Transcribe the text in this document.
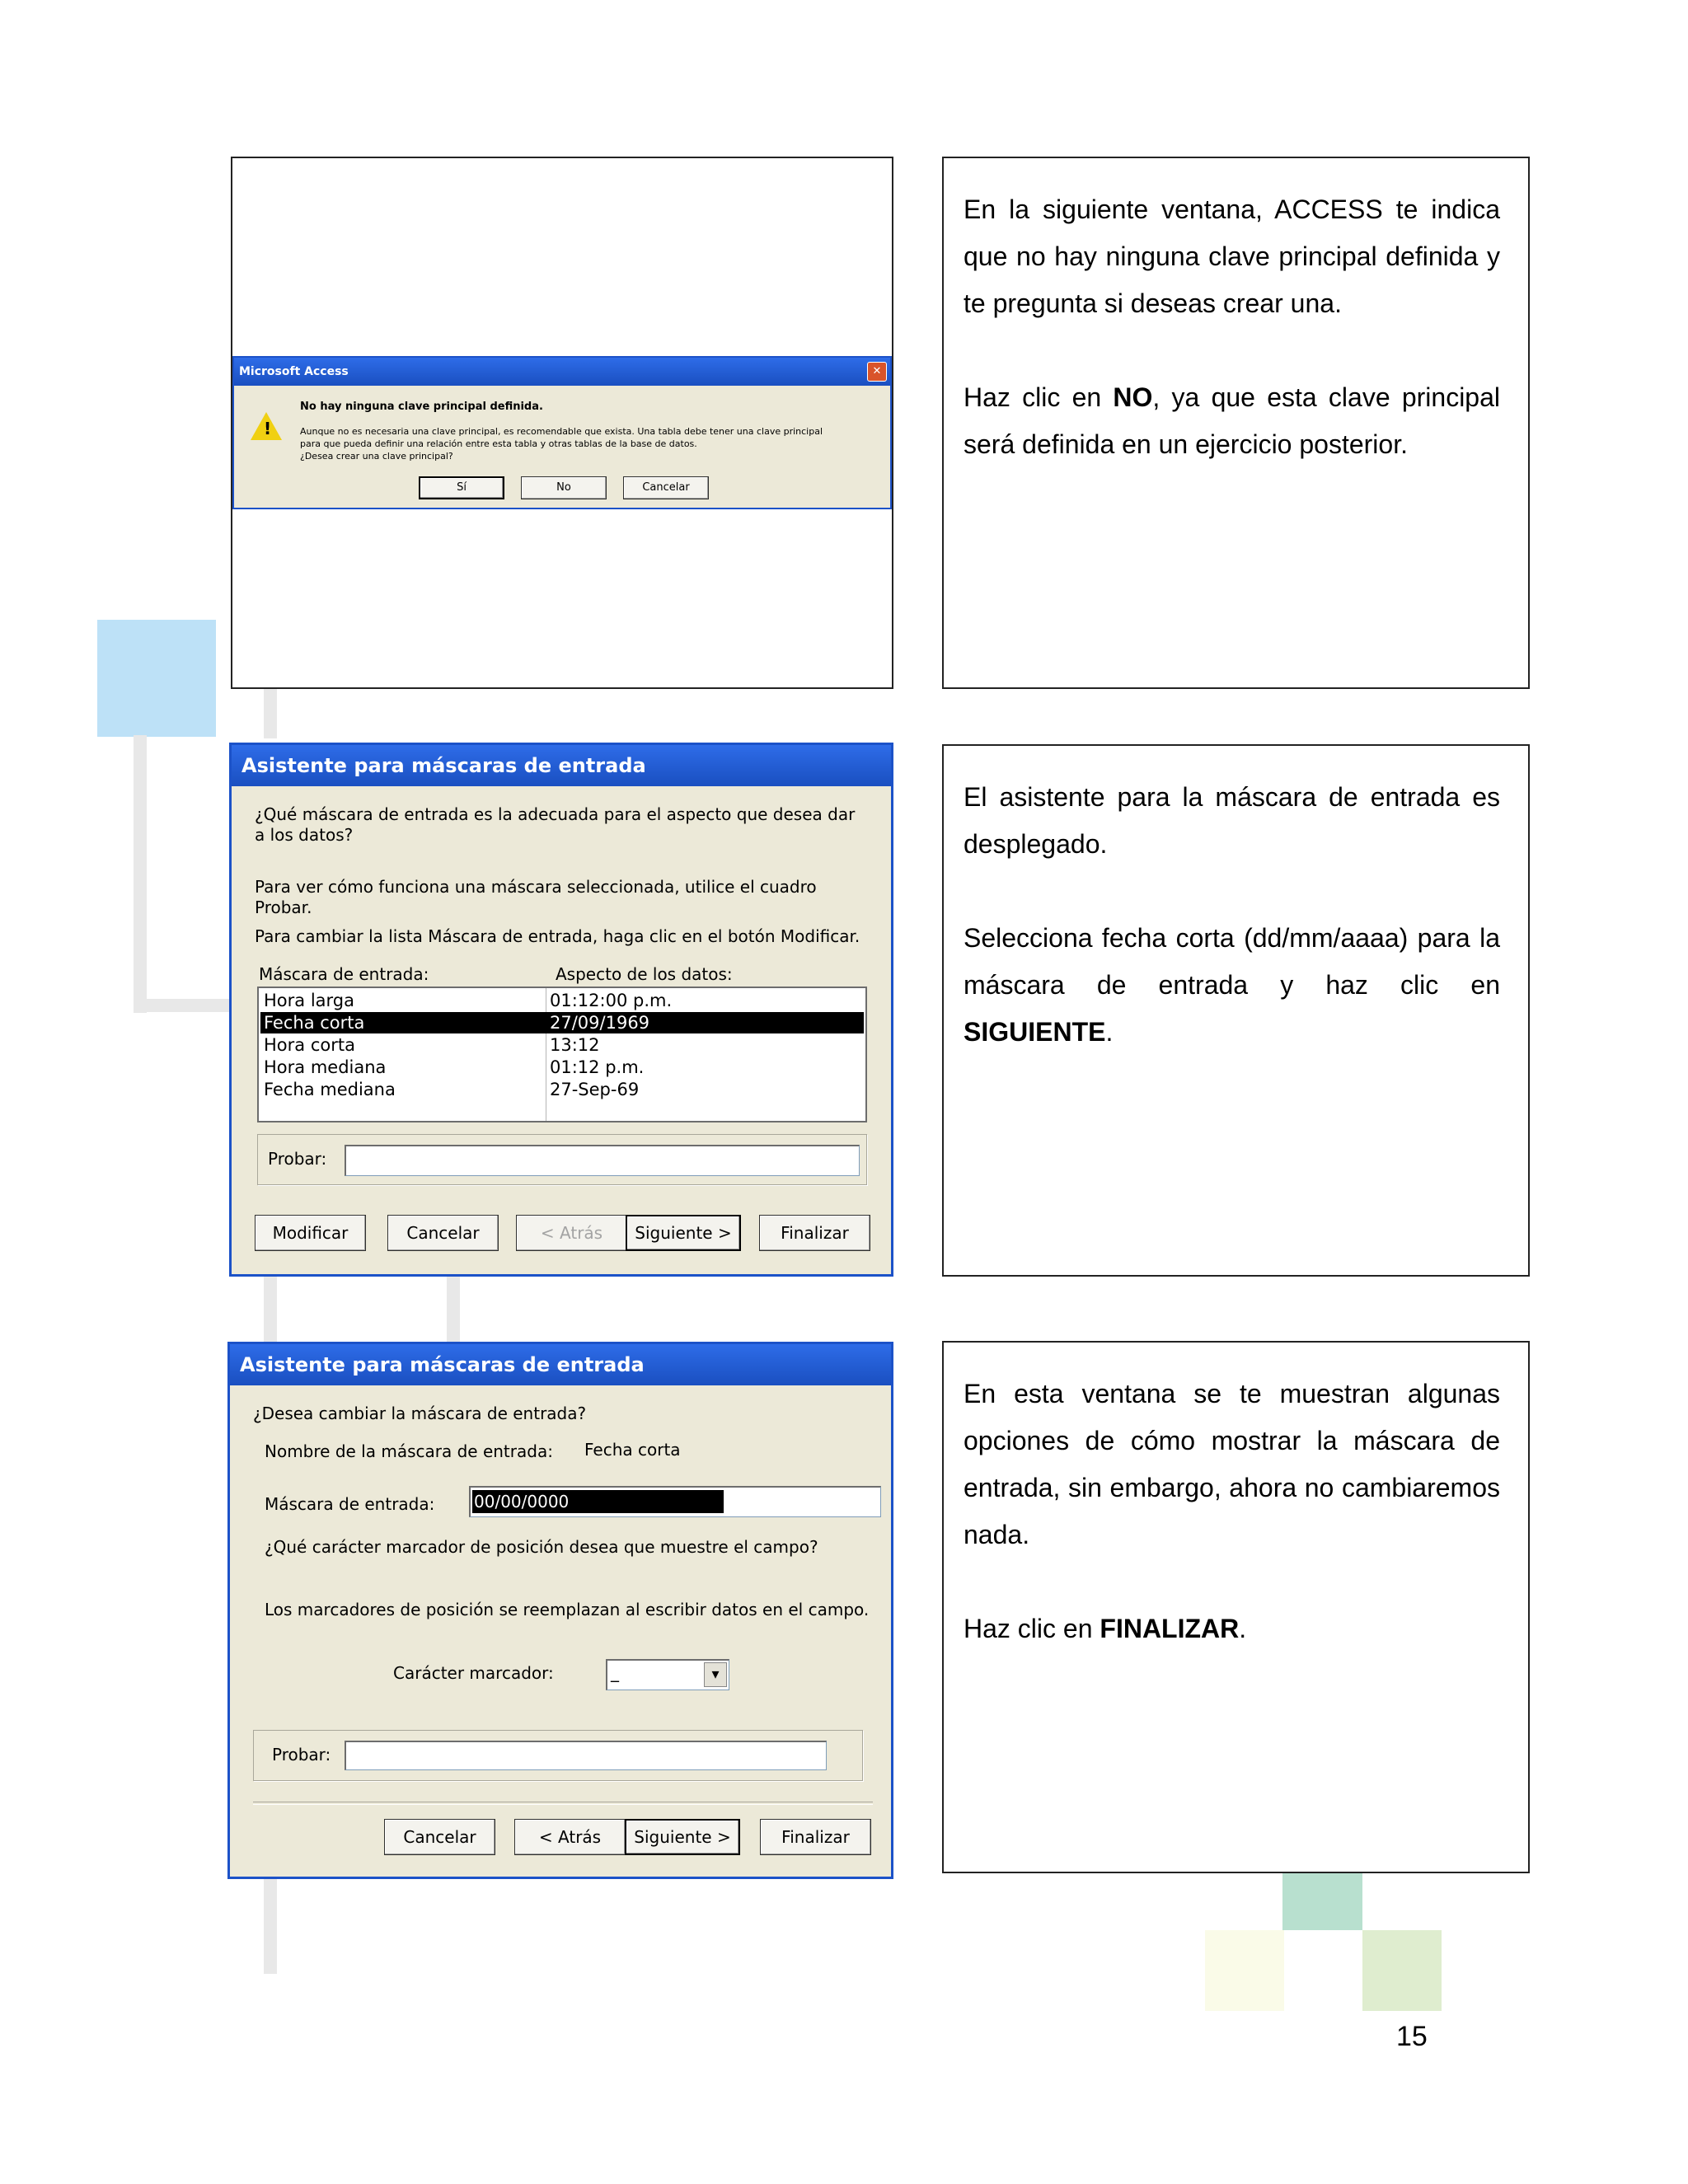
Microsoft Access	✕
!
No hay ninguna clave principal definida.
Aunque no es necesaria una clave principal, es recomendable que exista. Una tabla debe tener una clave principal
para que pueda definir una relación entre esta tabla y otras tablas de la base de datos.
¿Desea crear una clave principal?
Sí	No	Cancelar

En la siguiente ventana, ACCESS te indica que no hay ninguna clave principal definida y te pregunta si deseas crear una.

Haz clic en NO, ya que esta clave principal será definida en un ejercicio posterior.

Asistente para máscaras de entrada
¿Qué máscara de entrada es la adecuada para el aspecto que desea dar
a los datos?
Para ver cómo funciona una máscara seleccionada, utilice el cuadro
Probar.
Para cambiar la lista Máscara de entrada, haga clic en el botón Modificar.
Máscara de entrada:	Aspecto de los datos:
Hora larga	01:12:00 p.m.
Fecha corta	27/09/1969
Hora corta	13:12
Hora mediana	01:12 p.m.
Fecha mediana	27-Sep-69
Probar:
Modificar	Cancelar	< Atrás	Siguiente >	Finalizar

El asistente para la máscara de entrada es desplegado.

Selecciona fecha corta (dd/mm/aaaa) para la máscara de entrada y haz clic en SIGUIENTE.

Asistente para máscaras de entrada
¿Desea cambiar la máscara de entrada?
Nombre de la máscara de entrada: Fecha corta
Máscara de entrada: 00/00/0000
¿Qué carácter marcador de posición desea que muestre el campo?
Los marcadores de posición se reemplazan al escribir datos en el campo.
Carácter marcador:	_	▾
Probar:
Cancelar	< Atrás	Siguiente >	Finalizar

En esta ventana se te muestran algunas opciones de cómo mostrar la máscara de entrada, sin embargo, ahora no cambiaremos nada.

Haz clic en FINALIZAR.

15
